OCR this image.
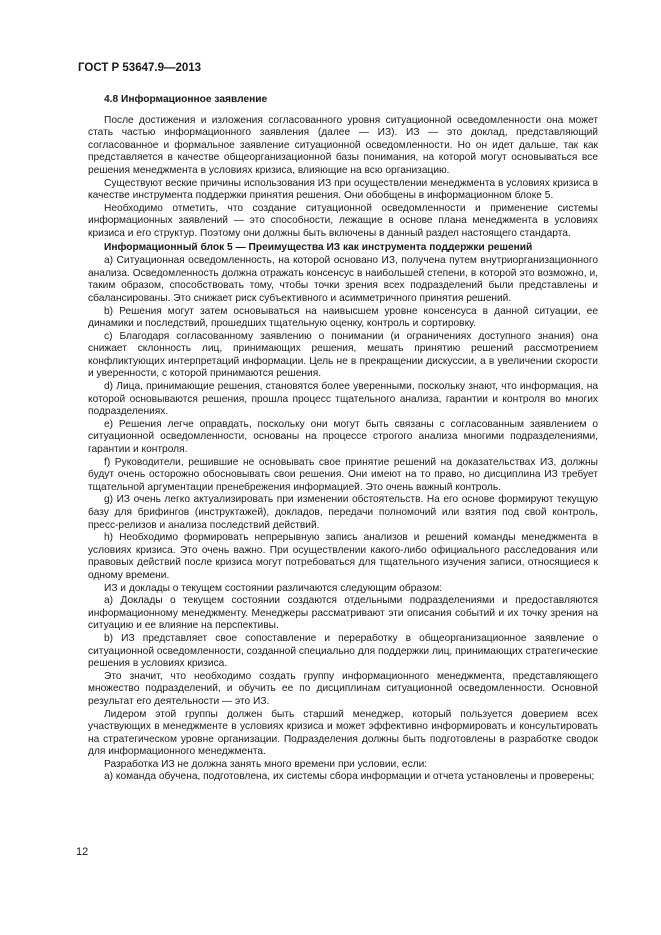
ГОСТ Р 53647.9—2013
4.8 Информационное заявление

После достижения и изложения согласованного уровня ситуационной осведомленности она может стать частью информационного заявления (далее — ИЗ). ИЗ — это доклад, представляющий согласованное и формальное заявление ситуационной осведомленности. Но он идет дальше, так как представляется в качестве общеорганизационной базы понимания, на которой могут основываться все решения менеджмента в условиях кризиса, влияющие на всю организацию.

Существуют веские причины использования ИЗ при осуществлении менеджмента в условиях кризиса в качестве инструмента поддержки принятия решения. Они обобщены в информационном блоке 5.

Необходимо отметить, что создание ситуационной осведомленности и применение системы информационных заявлений — это способности, лежащие в основе плана менеджмента в условиях кризиса и его структур. Поэтому они должны быть включены в данный раздел настоящего стандарта.

Информационный блок 5 — Преимущества ИЗ как инструмента поддержки решений

a) Ситуационная осведомленность, на которой основано ИЗ, получена путем внутриорганизационного анализа. Осведомленность должна отражать консенсус в наибольшей степени, в которой это возможно, и, таким образом, способствовать тому, чтобы точки зрения всех подразделений были представлены и сбалансированы. Это снижает риск субъективного и асимметричного принятия решений.

b) Решения могут затем основываться на наивысшем уровне консенсуса в данной ситуации, ее динамики и последствий, прошедших тщательную оценку, контроль и сортировку.

c) Благодаря согласованному заявлению о понимании (и ограничениях доступного знания) она снижает склонность лиц, принимающих решения, мешать принятию решений рассмотрением конфликтующих интерпретаций информации. Цель не в прекращении дискуссии, а в увеличении скорости и уверенности, с которой принимаются решения.

d) Лица, принимающие решения, становятся более уверенными, поскольку знают, что информация, на которой основываются решения, прошла процесс тщательного анализа, гарантии и контроля во многих подразделениях.

e) Решения легче оправдать, поскольку они могут быть связаны с согласованным заявлением о ситуационной осведомленности, основаны на процессе строгого анализа многими подразделениями, гарантии и контроля.

f) Руководители, решившие не основывать свое принятие решений на доказательствах ИЗ, должны будут очень осторожно обосновывать свои решения. Они имеют на то право, но дисциплина ИЗ требует тщательной аргументации пренебрежения информацией. Это очень важный контроль.

g) ИЗ очень легко актуализировать при изменении обстоятельств. На его основе формируют текущую базу для брифингов (инструктажей), докладов, передачи полномочий или взятия под свой контроль, пресс-релизов и анализа последствий действий.

h) Необходимо формировать непрерывную запись анализов и решений команды менеджмента в условиях кризиса. Это очень важно. При осуществлении какого-либо официального расследования или правовых действий после кризиса могут потребоваться для тщательного изучения записи, относящиеся к одному времени.

ИЗ и доклады о текущем состоянии различаются следующим образом:

а) Доклады о текущем состоянии создаются отдельными подразделениями и предоставляются информационному менеджменту. Менеджеры рассматривают эти описания событий и их точку зрения на ситуацию и ее влияние на перспективы.

b) ИЗ представляет свое сопоставление и переработку в общеорганизационное заявление о ситуационной осведомленности, созданной специально для поддержки лиц, принимающих стратегические решения в условиях кризиса.

Это значит, что необходимо создать группу информационного менеджмента, представляющего множество подразделений, и обучить ее по дисциплинам ситуационной осведомленности. Основной результат его деятельности — это ИЗ.

Лидером этой группы должен быть старший менеджер, который пользуется доверием всех участвующих в менеджменте в условиях кризиса и может эффективно информировать и консультировать на стратегическом уровне организации. Подразделения должны быть подготовлены в разработке сводок для информационного менеджмента.

Разработка ИЗ не должна занять много времени при условии, если:

а) команда обучена, подготовлена, их системы сбора информации и отчета установлены и проверены;

12
